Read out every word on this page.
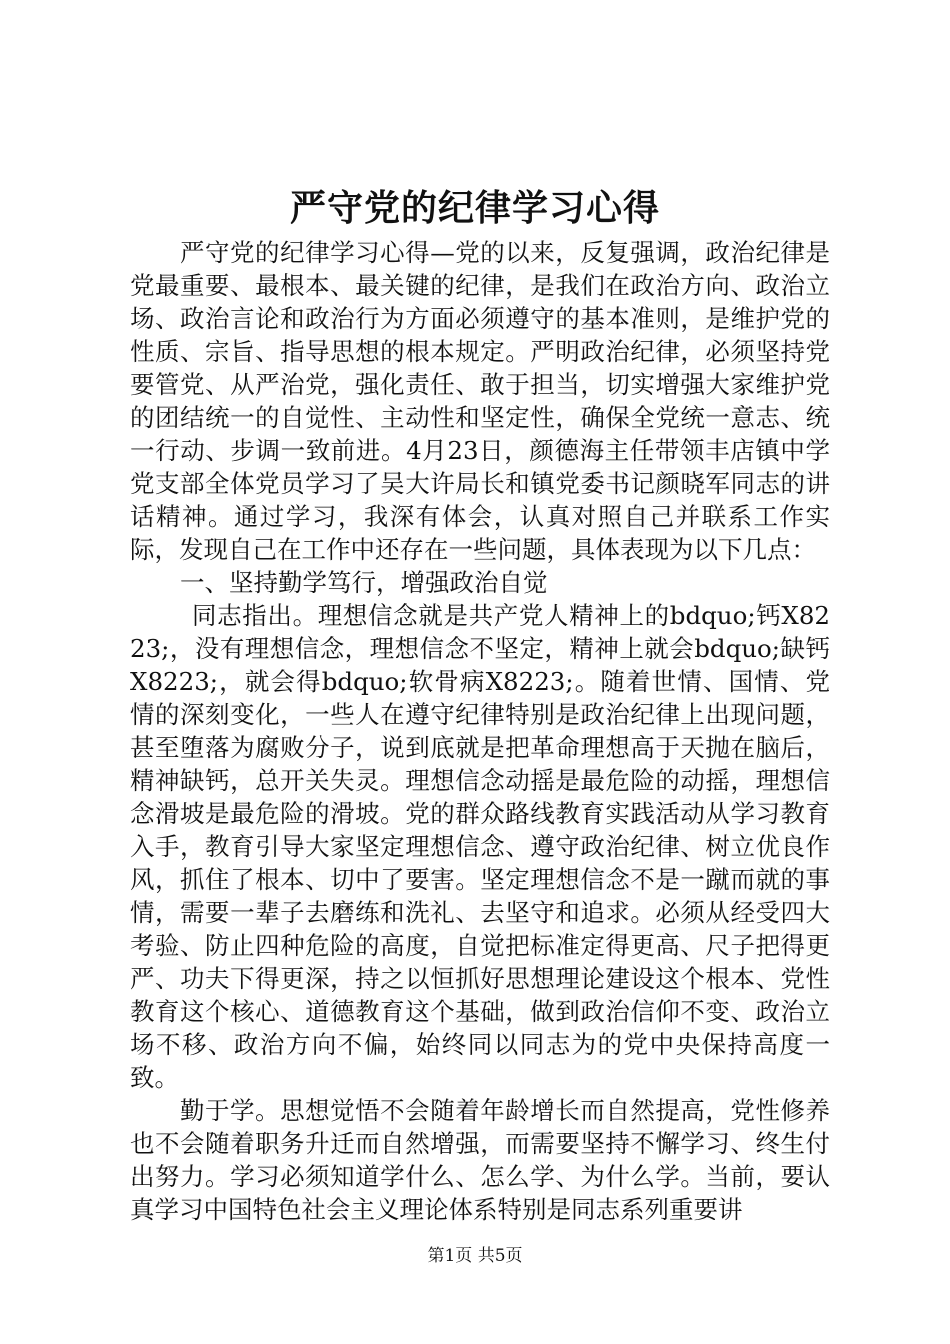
严守党的纪律学习心得

严守党的纪律学习心得—党的以来，反复强调，政治纪律是党最重要、最根本、最关键的纪律，是我们在政治方向、政治立场、政治言论和政治行为方面必须遵守的基本准则，是维护党的性质、宗旨、指导思想的根本规定。严明政治纪律，必须坚持党要管党、从严治党，强化责任、敢于担当，切实增强大家维护党的团结统一的自觉性、主动性和坚定性，确保全党统一意志、统一行动、步调一致前进。4月23日，颜德海主任带领丰店镇中学党支部全体党员学习了吴大许局长和镇党委书记颜晓军同志的讲话精神。通过学习，我深有体会，认真对照自己并联系工作实际，发现自己在工作中还存在一些问题，具体表现为以下几点：

一、坚持勤学笃行，增强政治自觉

同志指出。理想信念就是共产党人精神上的bdquo;钙X8223;，没有理想信念，理想信念不坚定，精神上就会bdquo;缺钙X8223;，就会得bdquo;软骨病X8223;。随着世情、国情、党情的深刻变化，一些人在遵守纪律特别是政治纪律上出现问题，甚至堕落为腐败分子，说到底就是把革命理想高于天抛在脑后，精神缺钙，总开关失灵。理想信念动摇是最危险的动摇，理想信念滑坡是最危险的滑坡。党的群众路线教育实践活动从学习教育入手，教育引导大家坚定理想信念、遵守政治纪律、树立优良作风，抓住了根本、切中了要害。坚定理想信念不是一蹴而就的事情，需要一辈子去磨练和洗礼、去坚守和追求。必须从经受四大考验、防止四种危险的高度，自觉把标准定得更高、尺子把得更严、功夫下得更深，持之以恒抓好思想理论建设这个根本、党性教育这个核心、道德教育这个基础，做到政治信仰不变、政治立场不移、政治方向不偏，始终同以同志为的党中央保持高度一致。

勤于学。思想觉悟不会随着年龄增长而自然提高，党性修养也不会随着职务升迁而自然增强，而需要坚持不懈学习、终生付出努力。学习必须知道学什么、怎么学、为什么学。当前，要认真学习中国特色社会主义理论体系特别是同志系列重要讲

第1页 共5页
